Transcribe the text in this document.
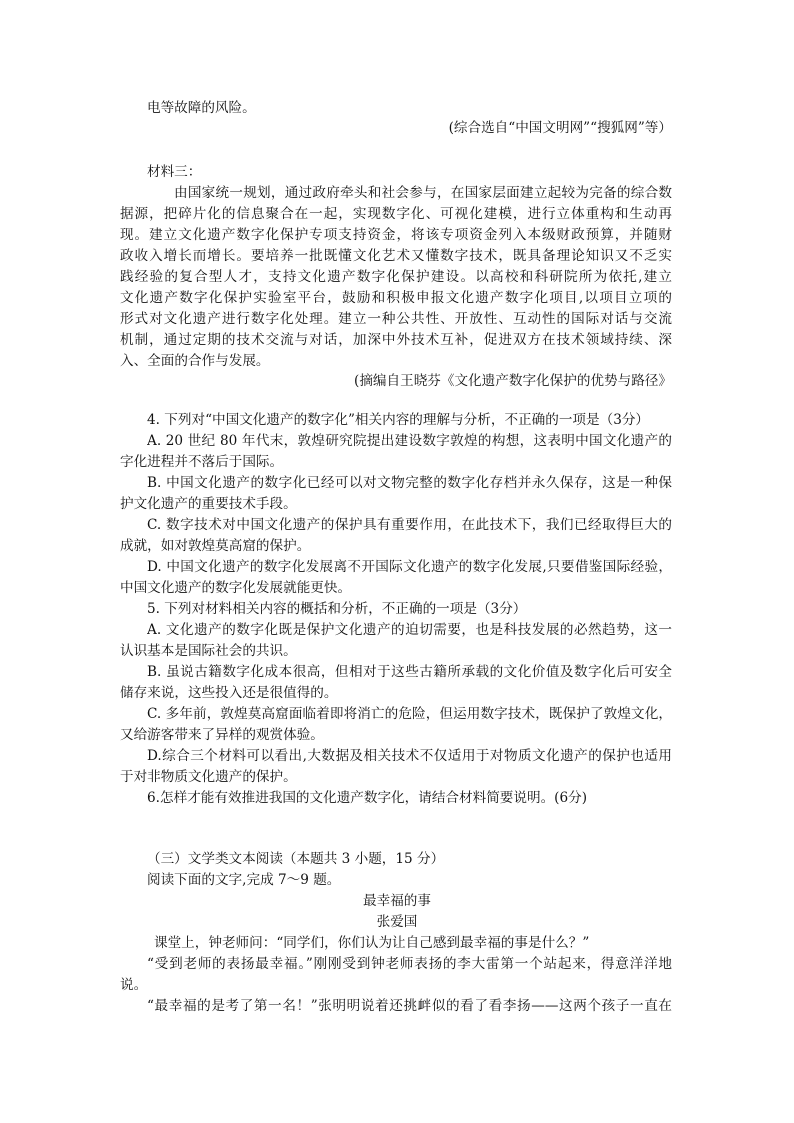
电等故障的风险。
(综合选自“中国文明网”“搜狐网”等）
材料三：
由国家统一规划，通过政府牵头和社会参与，在国家层面建立起较为完备的综合数
据源，把碎片化的信息聚合在一起，实现数字化、可视化建模，进行立体重构和生动再
现。建立文化遗产数字化保护专项支持资金，将该专项资金列入本级财政预算，并随财
政收入增长而增长。要培养一批既懂文化艺术又懂数字技术，既具备理论知识又不乏实
践经验的复合型人才，支持文化遗产数字化保护建设。以高校和科研院所为依托,建立
文化遗产数字化保护实验室平台，鼓励和积极申报文化遗产数字化项目,以项目立项的
形式对文化遗产进行数字化处理。建立一种公共性、开放性、互动性的国际对话与交流
机制，通过定期的技术交流与对话，加深中外技术互补，促进双方在技术领域持续、深
入、全面的合作与发展。
(摘编自王晓芬《文化遗产数字化保护的优势与路径》
4. 下列对“中国文化遗产的数字化”相关内容的理解与分析，不正确的一项是（3分）
A. 20 世纪 80 年代末，敦煌研究院提出建设数字敦煌的构想，这表明中国文化遗产的
字化进程并不落后于国际。
B. 中国文化遗产的数字化已经可以对文物完整的数字化存档并永久保存，这是一种保
护文化遗产的重要技术手段。
C. 数字技术对中国文化遗产的保护具有重要作用，在此技术下，我们已经取得巨大的
成就，如对敦煌莫高窟的保护。
D. 中国文化遗产的数字化发展离不开国际文化遗产的数字化发展,只要借鉴国际经验，
中国文化遗产的数字化发展就能更快。
5. 下列对材料相关内容的概括和分析，不正确的一项是（3分）
A. 文化遗产的数字化既是保护文化遗产的迫切需要，也是科技发展的必然趋势，这一
认识基本是国际社会的共识。
B. 虽说古籍数字化成本很高，但相对于这些古籍所承载的文化价值及数字化后可安全
储存来说，这些投入还是很值得的。
C. 多年前，敦煌莫高窟面临着即将消亡的危险，但运用数字技术，既保护了敦煌文化，
又给游客带来了异样的观赏体验。
D.综合三个材料可以看出,大数据及相关技术不仅适用于对物质文化遗产的保护也适用
于对非物质文化遗产的保护。
6.怎样才能有效推进我国的文化遗产数字化，请结合材料简要说明。(6分)
（三）文学类文本阅读（本题共 3 小题，15 分）
阅读下面的文字,完成 7～9 题。
最幸福的事
张爱国
课堂上，钟老师问：“同学们，你们认为让自己感到最幸福的事是什么？”
“受到老师的表扬最幸福。”刚刚受到钟老师表扬的李大雷第一个站起来，得意洋洋地
说。
“最幸福的是考了第一名！”张明明说着还挑衅似的看了看李扬——这两个孩子一直在
